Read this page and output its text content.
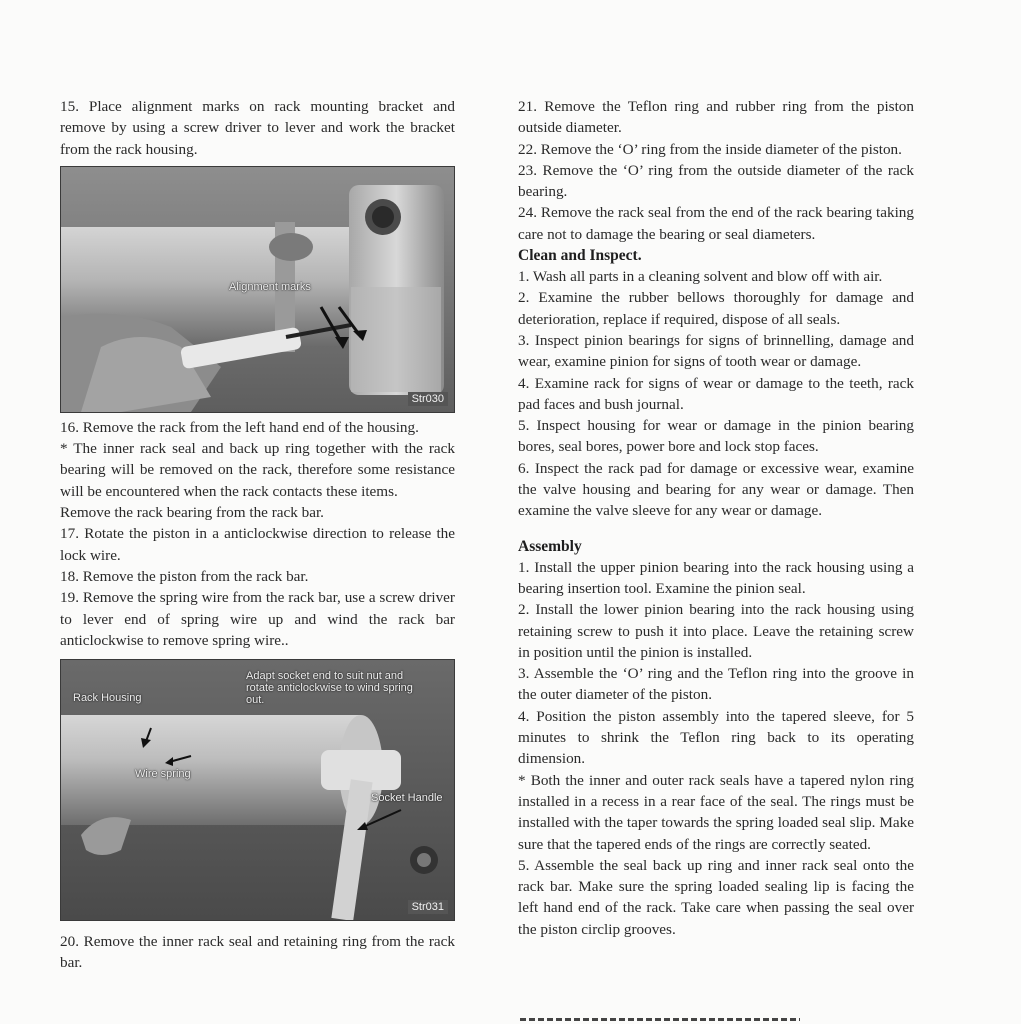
15. Place alignment marks on rack mounting bracket and remove by using a screw driver to lever and work the bracket from the rack housing.

Alignment marks
Str030

16. Remove the rack from the left hand end of the housing.

* The inner rack seal and back up ring together with the rack bearing will be removed on the rack, therefore some resistance will be encountered when the rack contacts these items.

Remove the rack bearing from the rack bar.

17. Rotate the piston in a anticlockwise direction to release the lock wire.

18. Remove the piston from the rack bar.

19. Remove the spring wire from the rack bar, use a screw driver to lever end of spring wire up and wind the rack bar anticlockwise to remove spring wire..

Adapt socket end to suit nut and rotate anticlockwise to wind spring out.
Rack Housing
Wire spring
Socket Handle
Str031

20. Remove the inner rack seal and retaining ring from the rack bar.

21. Remove the Teflon ring and rubber ring from the piston outside diameter.

22. Remove the ‘O’ ring from the inside diameter of the piston.

23. Remove the ‘O’ ring from the outside diameter of the rack bearing.

24. Remove the rack seal from the end of the rack bearing taking care not to damage the bearing or seal diameters.

Clean and Inspect.

1. Wash all parts in a cleaning solvent and blow off with air.

2. Examine the rubber bellows thoroughly for damage and deterioration, replace if required, dispose of all seals.

3. Inspect pinion bearings for signs of brinnelling, damage and wear, examine pinion for signs of tooth wear or damage.

4. Examine rack for signs of wear or damage to the teeth, rack pad faces and bush journal.

5. Inspect housing for wear or damage in the pinion bearing bores, seal bores, power bore and lock stop faces.

6. Inspect the rack pad for damage or excessive wear, examine the valve housing and bearing for any wear or damage. Then examine the valve sleeve for any wear or damage.

Assembly

1. Install the upper pinion bearing into the rack housing using a bearing insertion tool. Examine the pinion seal.

2. Install the lower pinion bearing into the rack housing using retaining screw to push it into place. Leave the retaining screw in position until the pinion is installed.

3. Assemble the ‘O’ ring and the Teflon ring into the groove in the outer diameter of the piston.

4. Position the piston assembly into the tapered sleeve, for 5 minutes to shrink the Teflon ring back to its operating dimension.

* Both the inner and outer rack seals have a tapered nylon ring installed in a recess in a rear face of the seal. The rings must be installed with the taper towards the spring loaded seal slip. Make sure that the tapered ends of the rings are correctly seated.

5. Assemble the seal back up ring and inner rack seal onto the rack bar. Make sure the spring loaded sealing lip is facing the left hand end of the rack. Take care when passing the seal over the piston circlip grooves.
